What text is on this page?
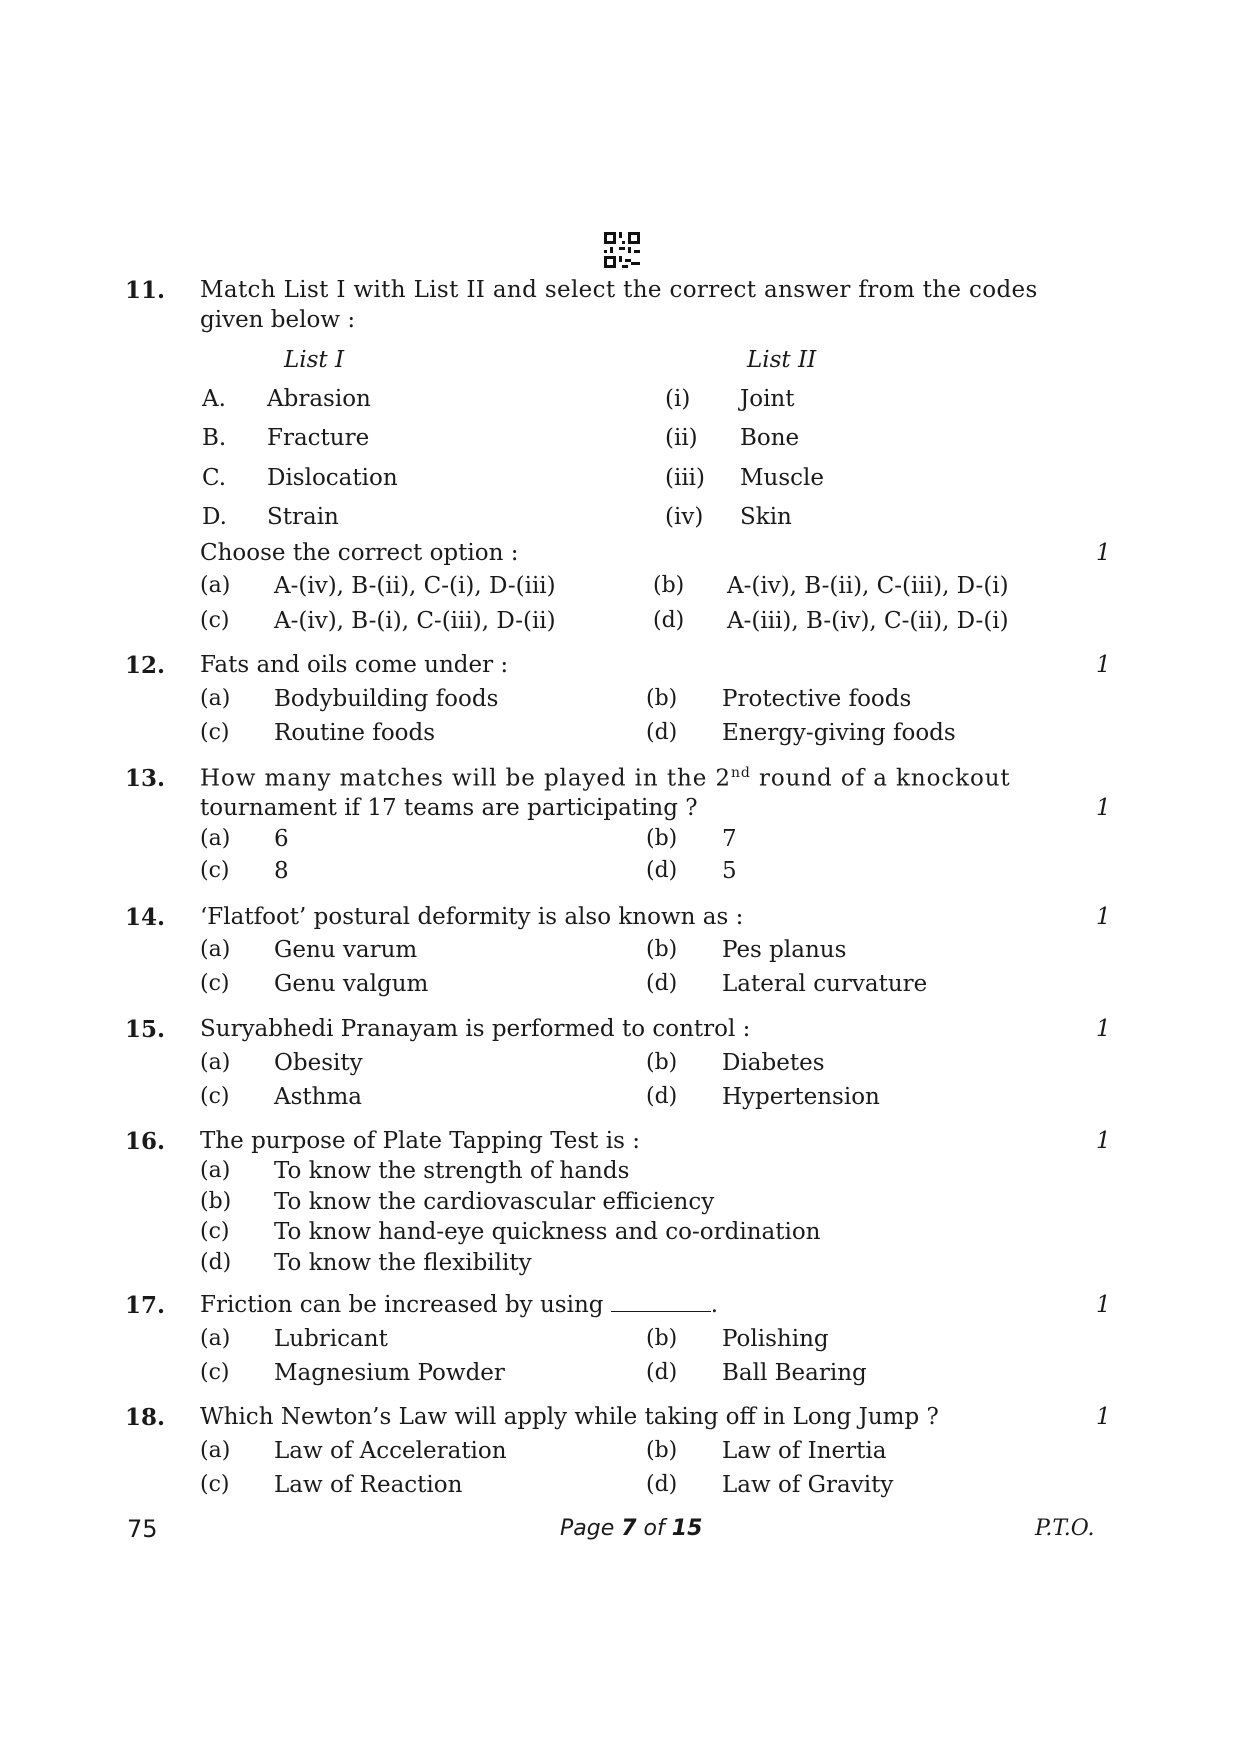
11. Match List I with List II and select the correct answer from the codes
given below :
List I	List II
A. Abrasion	(i) Joint
B. Fracture	(ii) Bone
C. Dislocation	(iii) Muscle
D. Strain	(iv) Skin
Choose the correct option :	1
(a) A-(iv), B-(ii), C-(i), D-(iii)	(b) A-(iv), B-(ii), C-(iii), D-(i)
(c) A-(iv), B-(i), C-(iii), D-(ii)	(d) A-(iii), B-(iv), C-(ii), D-(i)
12. Fats and oils come under :	1
(a) Bodybuilding foods	(b) Protective foods
(c) Routine foods	(d) Energy-giving foods
13. How many matches will be played in the 2nd round of a knockout
tournament if 17 teams are participating ?	1
(a) 6	(b) 7
(c) 8	(d) 5
14. ‘Flatfoot’ postural deformity is also known as :	1
(a) Genu varum	(b) Pes planus
(c) Genu valgum	(d) Lateral curvature
15. Suryabhedi Pranayam is performed to control :	1
(a) Obesity	(b) Diabetes
(c) Asthma	(d) Hypertension
16. The purpose of Plate Tapping Test is :	1
(a) To know the strength of hands
(b) To know the cardiovascular efficiency
(c) To know hand-eye quickness and co-ordination
(d) To know the flexibility
17. Friction can be increased by using	.	1
(a) Lubricant	(b) Polishing
(c) Magnesium Powder	(d) Ball Bearing
18. Which Newton’s Law will apply while taking off in Long Jump ?	1
(a) Law of Acceleration	(b) Law of Inertia
(c) Law of Reaction	(d) Law of Gravity
75	Page 7 of 15	P.T.O.
